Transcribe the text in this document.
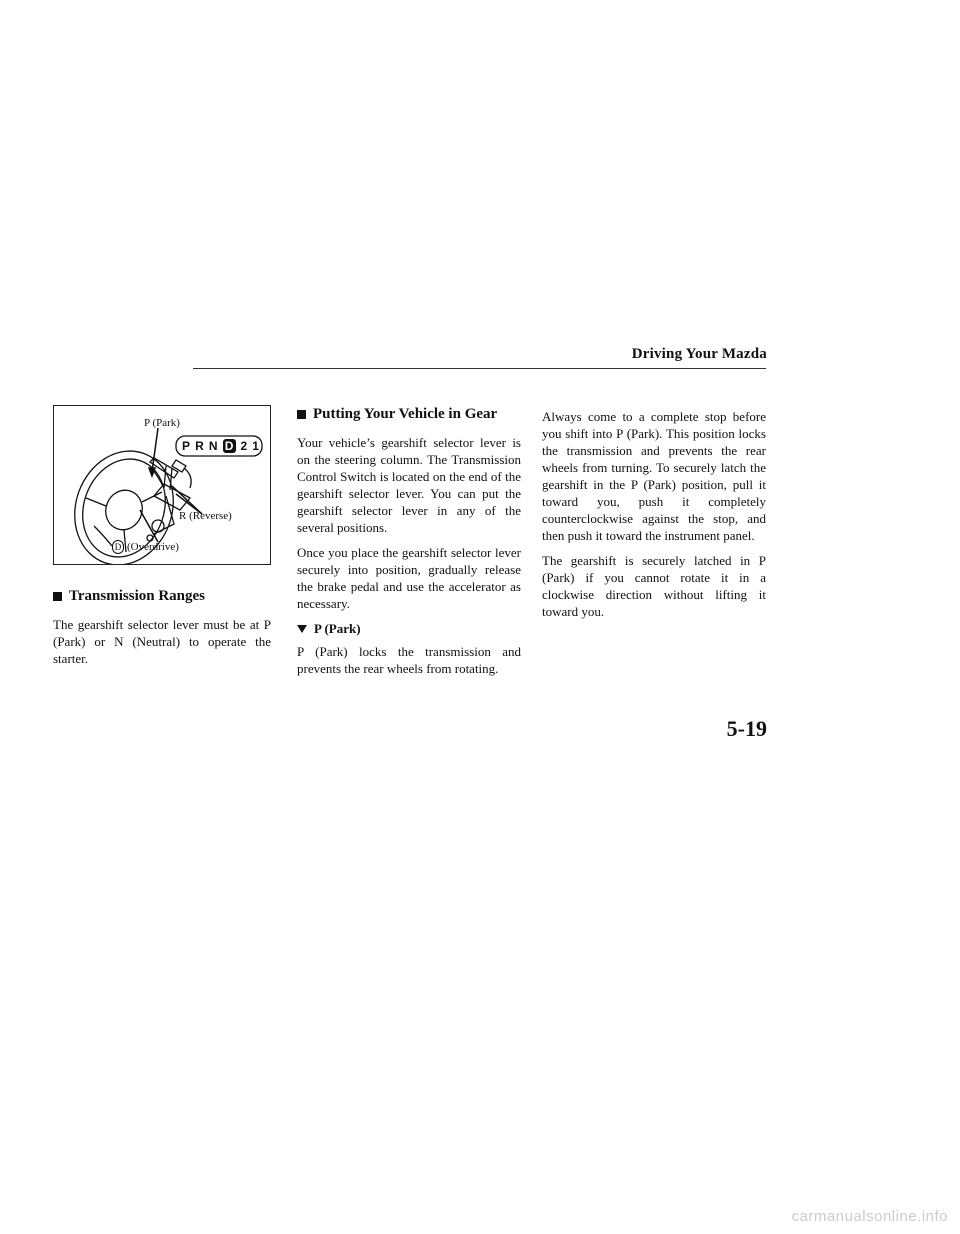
Driving Your Mazda
P (Park)
P R N D 2 1
R (Reverse)
D (Overdrive)
Transmission Ranges

The gearshift selector lever must be at P (Park) or N (Neutral) to operate the starter.

Putting Your Vehicle in Gear

Your vehicle’s gearshift selector lever is on the steering column. The Transmission Control Switch is located on the end of the gearshift selector lever. You can put the gearshift selector lever in any of the several positions.

Once you place the gearshift selector lever securely into position, gradually release the brake pedal and use the accelerator as necessary.

P (Park)

P (Park) locks the transmission and prevents the rear wheels from rotating.

Always come to a complete stop before you shift into P (Park). This position locks the transmission and prevents the rear wheels from turning. To securely latch the gearshift in the P (Park) position, pull it toward you, push it completely counterclockwise against the stop, and then push it toward the instrument panel.

The gearshift is securely latched in P (Park) if you cannot rotate it in a clockwise direction without lifting it toward you.

5-19
carmanualsonline.info
